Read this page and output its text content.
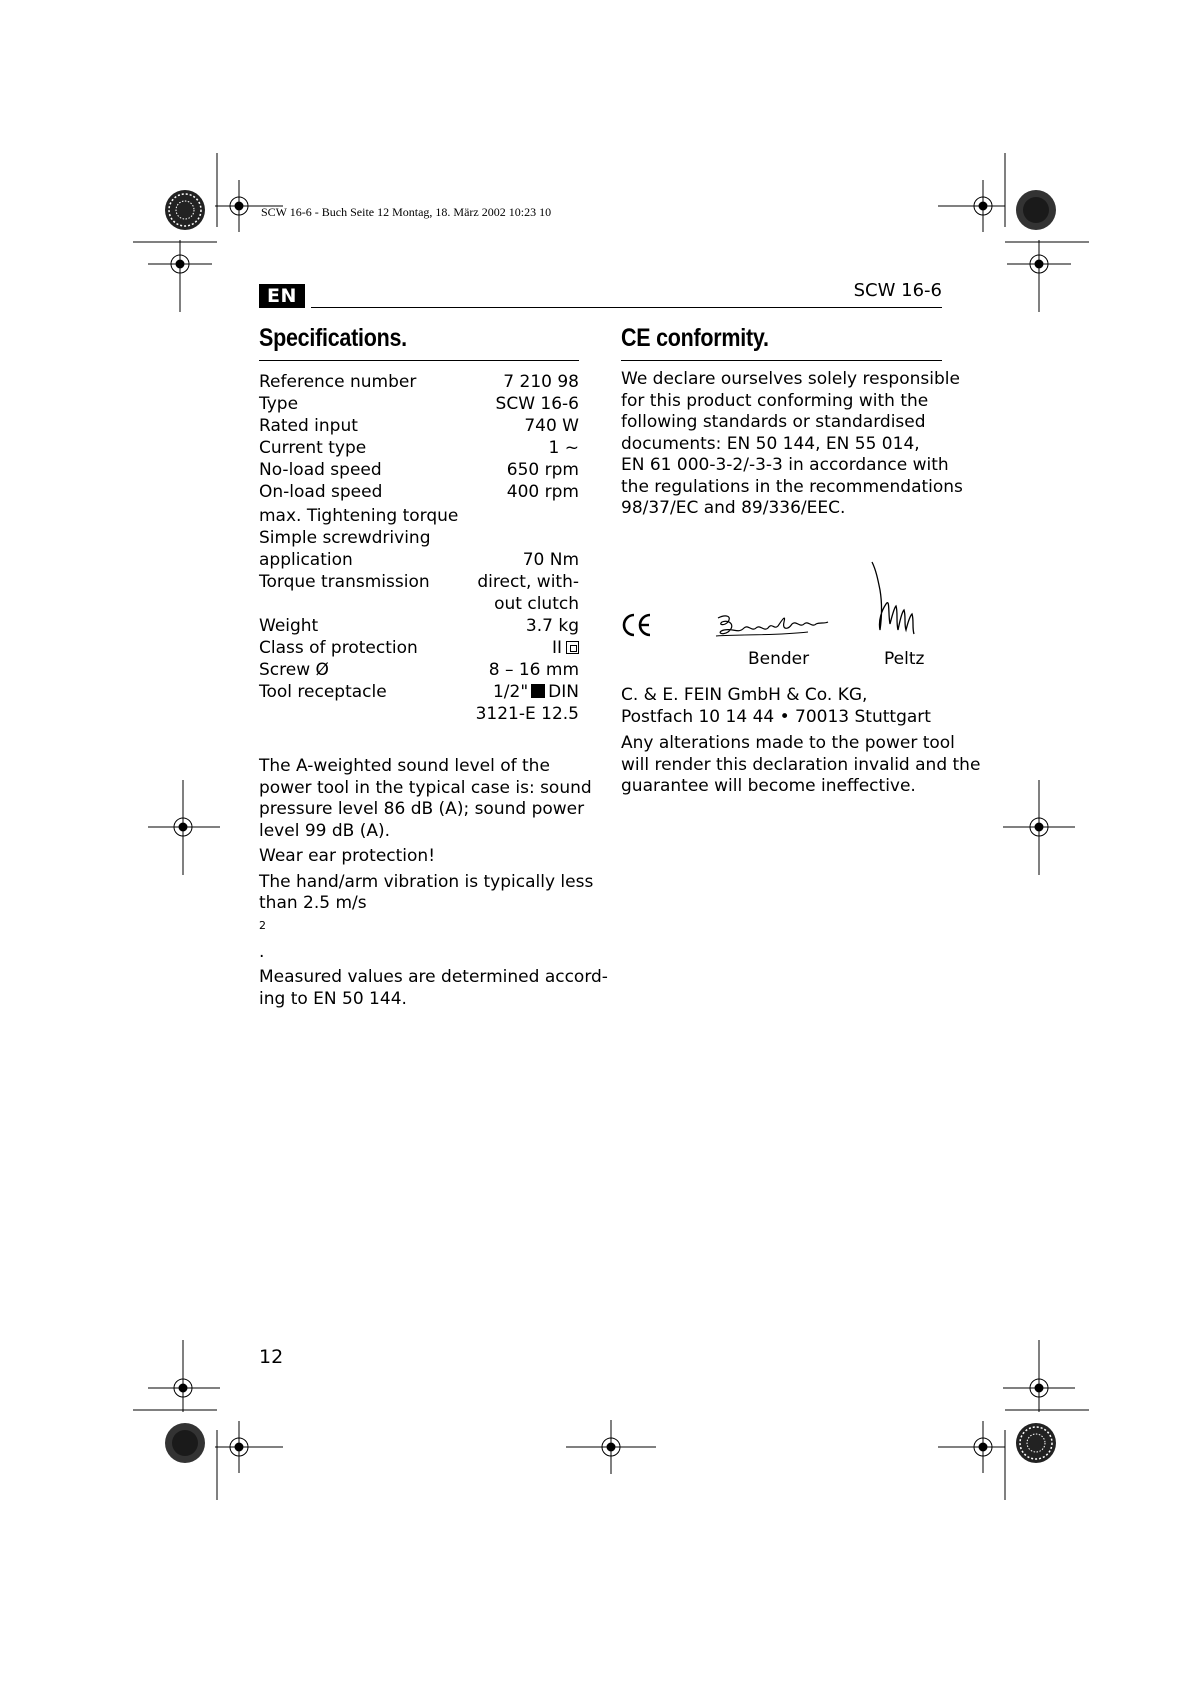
SCW 16-6 - Buch Seite 12 Montag, 18. März 2002 10:23 10
EN	SCW 16-6
Specifications.
Reference number	7 210 98
Type	SCW 16-6
Rated input	740 W
Current type	1 ~
No-load speed	650 rpm
On-load speed	400 rpm
max. Tightening torque
Simple screwdriving
application	70 Nm
Torque transmission	direct, with-
out clutch
Weight	3.7 kg
Class of protection	II
Screw Ø	8 – 16 mm
Tool receptacle	1/2" DIN
3121-E 12.5

The A-weighted sound level of the
power tool in the typical case is: sound
pressure level 86 dB (A); sound power
level 99 dB (A).

Wear ear protection!

The hand/arm vibration is typically less
than 2.5 m/s
$^2$
.

Measured values are determined accord-
ing to EN 50 144.

CE conformity.
We declare ourselves solely responsible
for this product conforming with the
following standards or standardised
documents: EN 50 144, EN 55 014,
EN 61 000-3-2/-3-3 in accordance with
the regulations in the recommendations
98/37/EC and 89/336/EEC.
Bender	Peltz
C. & E. FEIN GmbH & Co. KG,
Postfach 10 14 44 • 70013 Stuttgart
Any alterations made to the power tool
will render this declaration invalid and the
guarantee will become ineffective.
12
